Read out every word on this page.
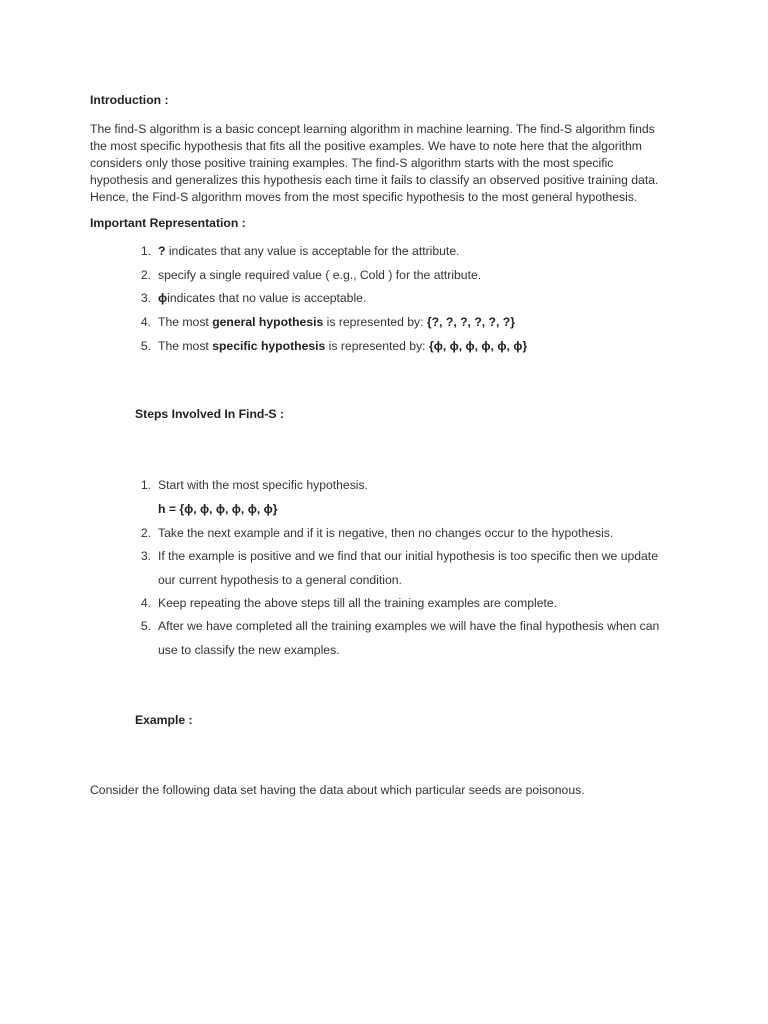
Introduction :
The find-S algorithm is a basic concept learning algorithm in machine learning. The find-S algorithm finds
the most specific hypothesis that fits all the positive examples. We have to note here that the algorithm
considers only those positive training examples. The find-S algorithm starts with the most specific
hypothesis and generalizes this hypothesis each time it fails to classify an observed positive training data.
Hence, the Find-S algorithm moves from the most specific hypothesis to the most general hypothesis.
Important Representation :
1. ? indicates that any value is acceptable for the attribute.
2. specify a single required value ( e.g., Cold ) for the attribute.
3. ϕindicates that no value is acceptable.
4. The most general hypothesis is represented by: {?, ?, ?, ?, ?, ?}
5. The most specific hypothesis is represented by: {ϕ, ϕ, ϕ, ϕ, ϕ, ϕ}
Steps Involved In Find-S :
1. Start with the most specific hypothesis.
h = {ϕ, ϕ, ϕ, ϕ, ϕ, ϕ}
2. Take the next example and if it is negative, then no changes occur to the hypothesis.
3. If the example is positive and we find that our initial hypothesis is too specific then we update
our current hypothesis to a general condition.
4. Keep repeating the above steps till all the training examples are complete.
5. After we have completed all the training examples we will have the final hypothesis when can
use to classify the new examples.
Example :
Consider the following data set having the data about which particular seeds are poisonous.
